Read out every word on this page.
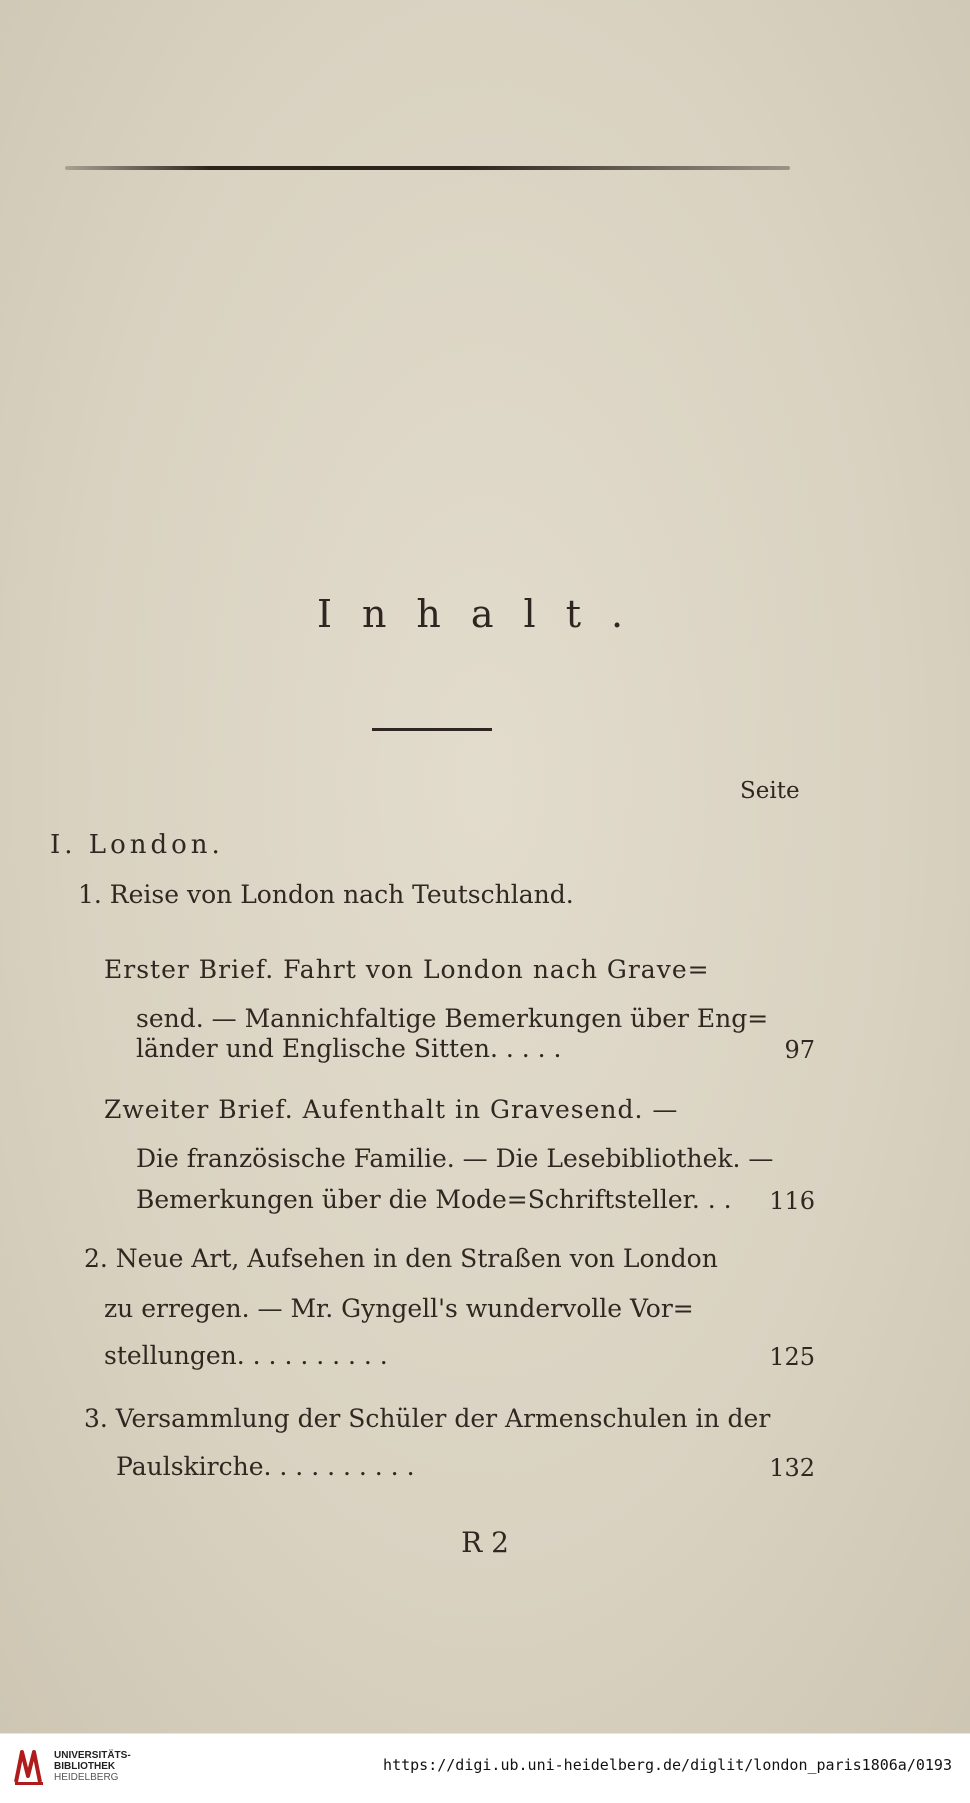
Inhalt.
Seite
I. London.
1. Reise von London nach Teutschland.
Erster Brief. Fahrt von London nach Grave=
send. — Mannichfaltige Bemerkungen über Eng=
länder und Englische Sitten. . . . .	97
Zweiter Brief. Aufenthalt in Gravesend. —
Die französische Familie. — Die Lesebibliothek. —
Bemerkungen über die Mode=Schriftsteller. . .	116
2. Neue Art, Aufsehen in den Straßen von London
zu erregen. — Mr. Gyngell's wundervolle Vor=
stellungen. . . . . . . . . .	125
3. Versammlung der Schüler der Armenschulen in der
Paulskirche. . . . . . . . . .	132
R 2
UNIVERSITÄTS-
BIBLIOTHEK
HEIDELBERG
https://digi.ub.uni-heidelberg.de/diglit/london_paris1806a/0193
